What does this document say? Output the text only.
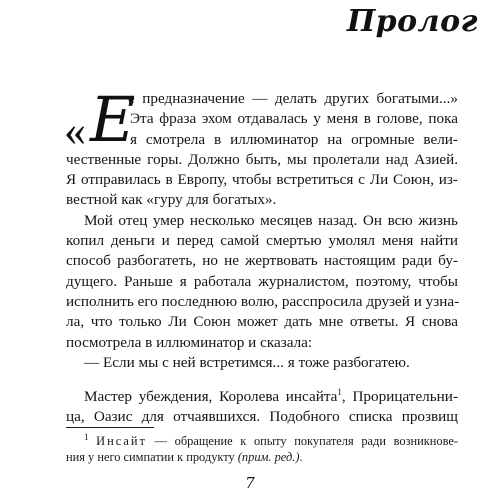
Пролог
« Е
е предназначение — делать других богатыми...»
Эта фраза эхом отдавалась у меня в голове, пока
я смотрела в иллюминатор на огромные вели-
чественные горы. Должно быть, мы пролетали над Азией.
Я отправилась в Европу, чтобы встретиться с Ли Союн, из-
вестной как «гуру для богатых».
Мой отец умер несколько месяцев назад. Он всю жизнь
копил деньги и перед самой смертью умолял меня найти
способ разбогатеть, но не жертвовать настоящим ради бу-
дущего. Раньше я работала журналистом, поэтому, чтобы
исполнить его последнюю волю, расспросила друзей и узна-
ла, что только Ли Союн может дать мне ответы. Я снова
посмотрела в иллюминатор и сказала:
— Если мы с ней встретимся... я тоже разбогатею.
Мастер убеждения, Королева инсайта$^1$, Прорицательни-
ца, Оазис для отчаявшихся. Подобного списка прозвищ
$^1$ Инсайт — обращение к опыту покупателя ради возникнове-
ния у него симпатии к продукту (прим. ред.).
7
